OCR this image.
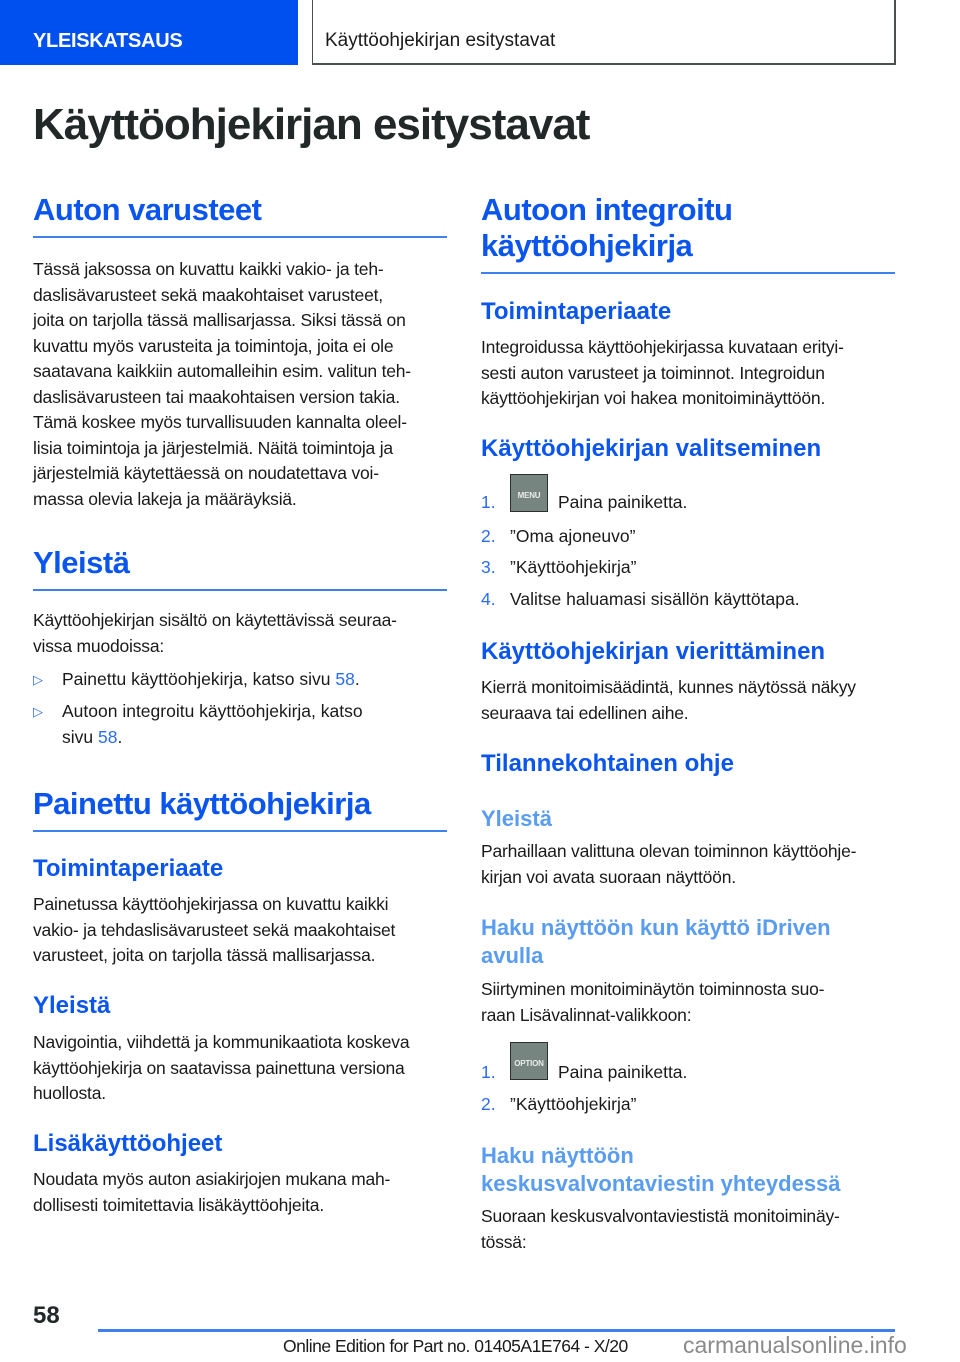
YLEISKATSAUS	Käyttöohjekirjan esitystavat
Käyttöohjekirjan esitystavat
Auton varusteet
Tässä jaksossa on kuvattu kaikki vakio- ja teh-
daslisävarusteet sekä maakohtaiset varusteet,
joita on tarjolla tässä mallisarjassa. Siksi tässä on
kuvattu myös varusteita ja toimintoja, joita ei ole
saatavana kaikkiin automalleihin esim. valitun teh-
daslisävarusteen tai maakohtaisen version takia.
Tämä koskee myös turvallisuuden kannalta oleel-
lisia toimintoja ja järjestelmiä. Näitä toimintoja ja
järjestelmiä käytettäessä on noudatettava voi-
massa olevia lakeja ja määräyksiä.
Yleistä
Käyttöohjekirjan sisältö on käytettävissä seuraa-
vissa muodoissa:
▷ Painettu käyttöohjekirja, katso sivu 58.
▷ Autoon integroitu käyttöohjekirja, katso
sivu 58.
Painettu käyttöohjekirja
Toimintaperiaate
Painetussa käyttöohjekirjassa on kuvattu kaikki
vakio- ja tehdaslisävarusteet sekä maakohtaiset
varusteet, joita on tarjolla tässä mallisarjassa.
Yleistä
Navigointia, viihdettä ja kommunikaatiota koskeva
käyttöohjekirja on saatavissa painettuna versiona
huollosta.
Lisäkäyttöohjeet
Noudata myös auton asiakirjojen mukana mah-
dollisesti toimitettavia lisäkäyttöohjeita.
Autoon integroitu
käyttöohjekirja
Toimintaperiaate
Integroidussa käyttöohjekirjassa kuvataan erityi-
sesti auton varusteet ja toiminnot. Integroidun
käyttöohjekirjan voi hakea monitoiminäyttöön.
Käyttöohjekirjan valitseminen
1.	MENU	Paina painiketta.
2. ”Oma ajoneuvo”
3. ”Käyttöohjekirja”
4. Valitse haluamasi sisällön käyttötapa.
Käyttöohjekirjan vierittäminen
Kierrä monitoimisäädintä, kunnes näytössä näkyy
seuraava tai edellinen aihe.
Tilannekohtainen ohje
Yleistä
Parhaillaan valittuna olevan toiminnon käyttöohje-
kirjan voi avata suoraan näyttöön.
Haku näyttöön kun käyttö iDriven
avulla
Siirtyminen monitoiminäytön toiminnosta suo-
raan Lisävalinnat-valikkoon:
1.	OPTION Paina painiketta.
2. ”Käyttöohjekirja”
Haku näyttöön
keskusvalvontaviestin yhteydessä
Suoraan keskusvalvontaviestistä monitoiminäy-
tössä:
58
Online Edition for Part no. 01405A1E764 - X/20 carmanualsonline.info
